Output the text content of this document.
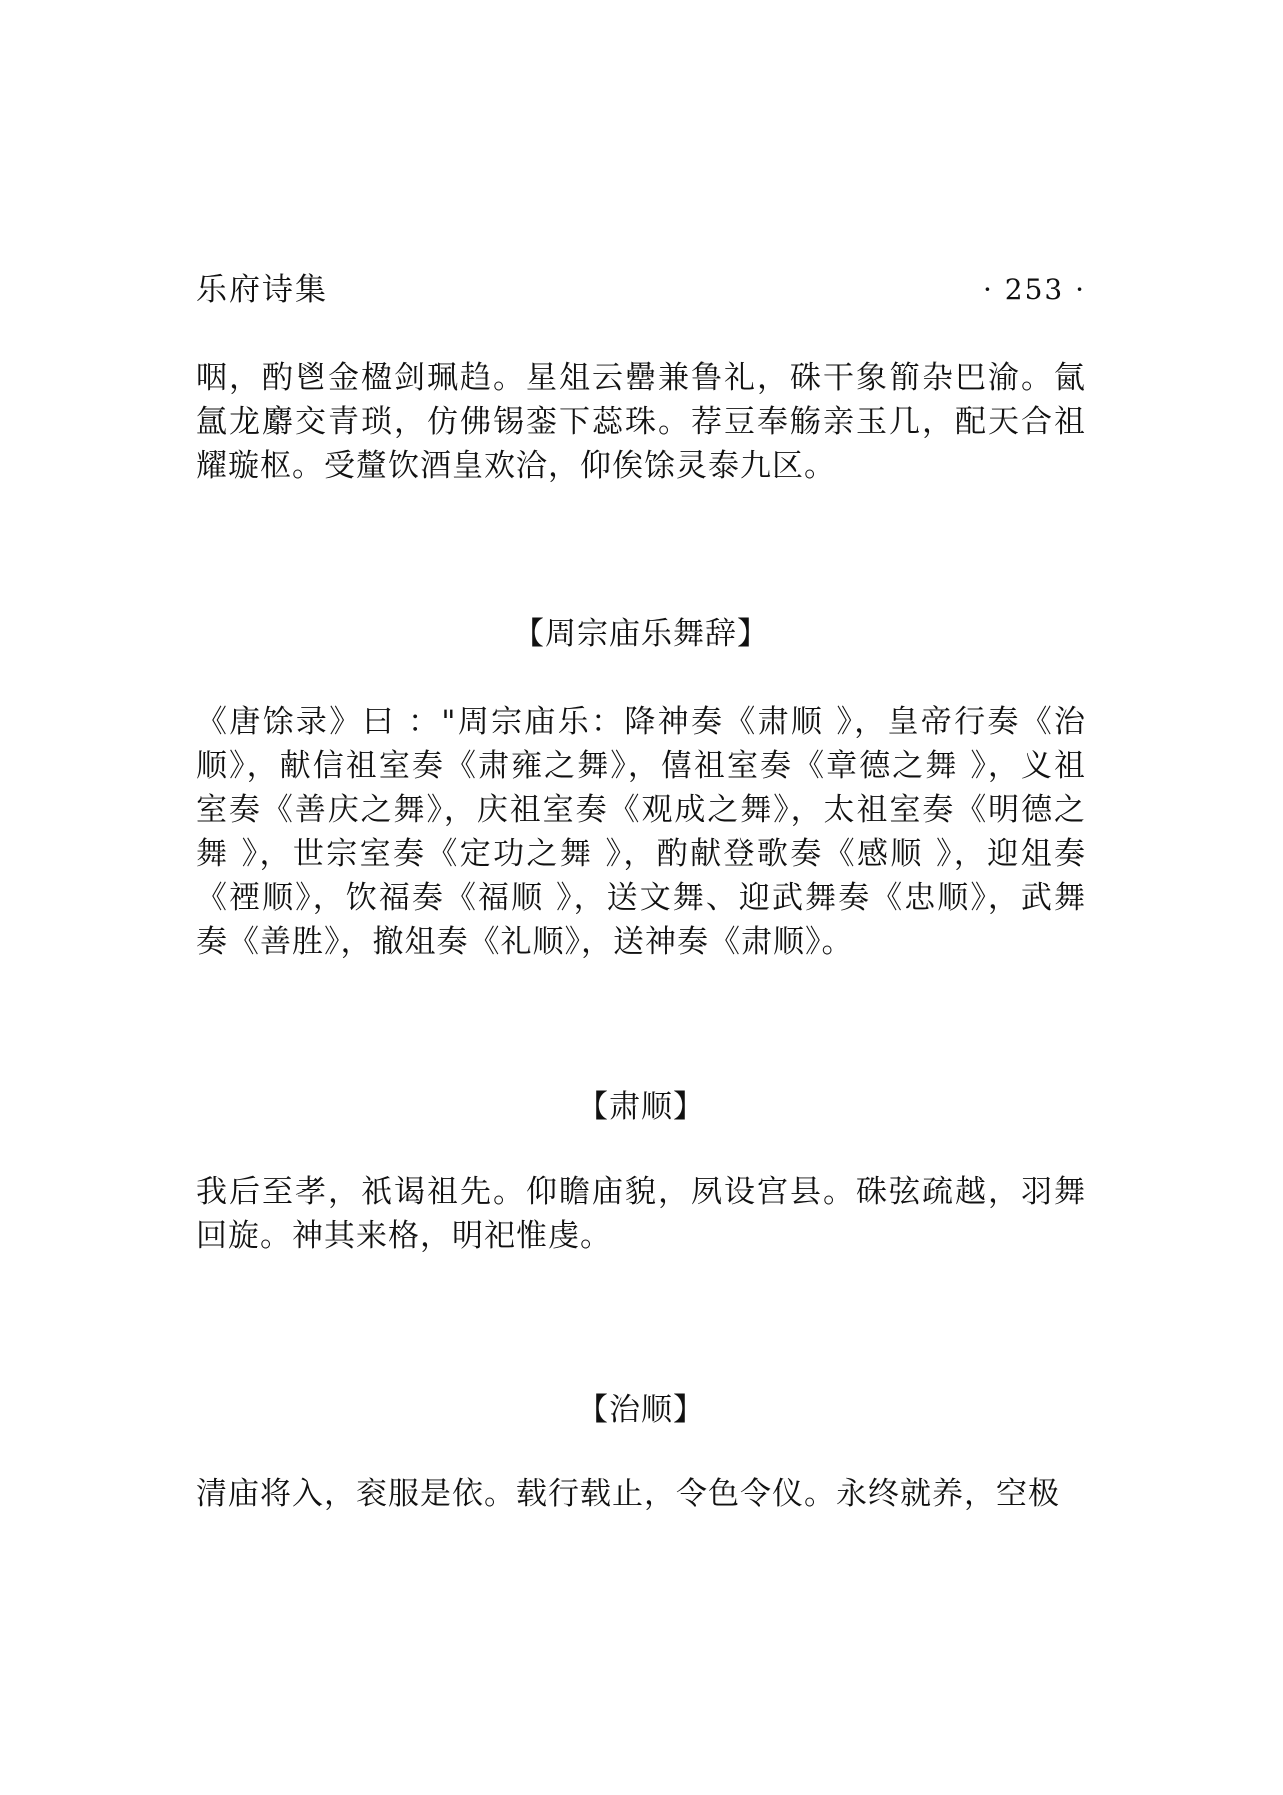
乐府诗集	· 253 ·

咽，酌鬯金楹剑珮趋。星俎云罍兼鲁礼，硃干象箾杂巴渝。氤氲龙麝交青琐，仿佛锡銮下蕊珠。荐豆奉觞亲玉几，配天合祖耀璇枢。受釐饮酒皇欢洽，仰俟馀灵泰九区。

【周宗庙乐舞辞】

《唐馀录》曰 ："周宗庙乐：降神奏《肃顺 》，皇帝行奏《治顺》，献信祖室奏《肃雍之舞》，僖祖室奏《章德之舞 》，义祖室奏《善庆之舞》，庆祖室奏《观成之舞》，太祖室奏《明德之舞 》，世宗室奏《定功之舞 》，酌献登歌奏《感顺 》，迎俎奏《禋顺》，饮福奏《福顺 》，送文舞、迎武舞奏《忠顺》，武舞奏《善胜》，撤俎奏《礼顺》，送神奏《肃顺》。

【肃顺】

我后至孝，祇谒祖先。仰瞻庙貌，夙设宫县。硃弦疏越，羽舞回旋。神其来格，明祀惟虔。

【治顺】

清庙将入，衮服是依。载行载止，令色令仪。永终就养，空极
